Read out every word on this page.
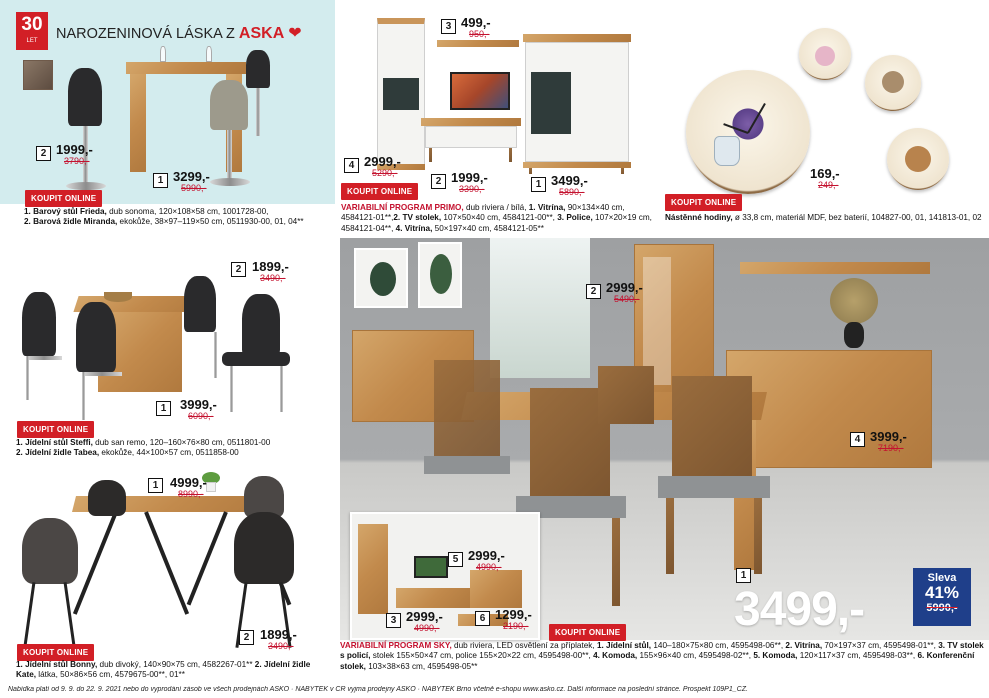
30
LET	NAROZENINOVÁ LÁSKA Z ASKA ❤
2 1999,-
3790,-
1 3299,-
5990,-
KOUPIT ONLINE
1. Barový stůl Frieda, dub sonoma, 120×108×58 cm, 1001728-00,
2. Barová židle Miranda, ekokůže, 38×97–119×50 cm, 0511930-00, 01, 04**
3 499,-
950,-
4 2999,-
5290,-
2 1999,-
3390,-	1 3499,-
5890,-
KOUPIT ONLINE
VARIABILNÍ PROGRAM PRIMO, dub riviera / bílá, 1. Vitrína, 90×134×40 cm, 4584121-01**,2. TV stolek, 107×50×40 cm, 4584121-00**, 3. Police, 107×20×19 cm, 4584121-04**, 4. Vitrína, 50×197×40 cm, 4584121-05**
169,-
249,-
KOUPIT ONLINE
Nástěnné hodiny, ø 33,8 cm, materiál MDF, bez baterií, 104827-00, 01, 141813-01, 02
2 1899,-
3490,-
1	3999,-
6090,-
KOUPIT ONLINE
1. Jídelní stůl Steffi, dub san remo, 120–160×76×80 cm, 0511801-00
2. Jídelní židle Tabea, ekokůže, 44×100×57 cm, 0511858-00
1 4999,-
8990,-
2 1899,-
3490,-
KOUPIT ONLINE
1. Jídelní stůl Bonny, dub divoký, 140×90×75 cm, 4582267-01** 2. Jídelní židle Kate, látka, 50×86×56 cm, 4579675-00**, 01**
2 2999,-
5490,-
4 3999,-
7190,-
5 2999,-
4990,-
3 2999,-
4990,-
6 1299,-
2190,-
1
3499,-
Sleva
41%
5990,-
KOUPIT ONLINE
VARIABILNÍ PROGRAM SKY, dub riviera, LED osvětlení za příplatek, 1. Jídelní stůl, 140–180×75×80 cm, 4595498-06**, 2. Vitrína, 70×197×37 cm, 4595498-01**, 3. TV stolek s policí, stolek 155×50×47 cm, police 155×20×22 cm, 4595498-00**, 4. Komoda, 155×96×40 cm, 4595498-02**, 5. Komoda, 120×117×37 cm, 4595498-03**, 6. Konferenční stolek, 103×38×63 cm, 4595498-05**
Nabídka platí od 9. 9. do 22. 9. 2021 nebo do vyprodání zásob ve všech prodejnách ASKO · NÁBYTEK v ČR vyjma prodejny ASKO · NÁBYTEK Brno včetně e-shopu www.asko.cz. Další informace na poslední stránce. Prospekt 109P1_CZ.
